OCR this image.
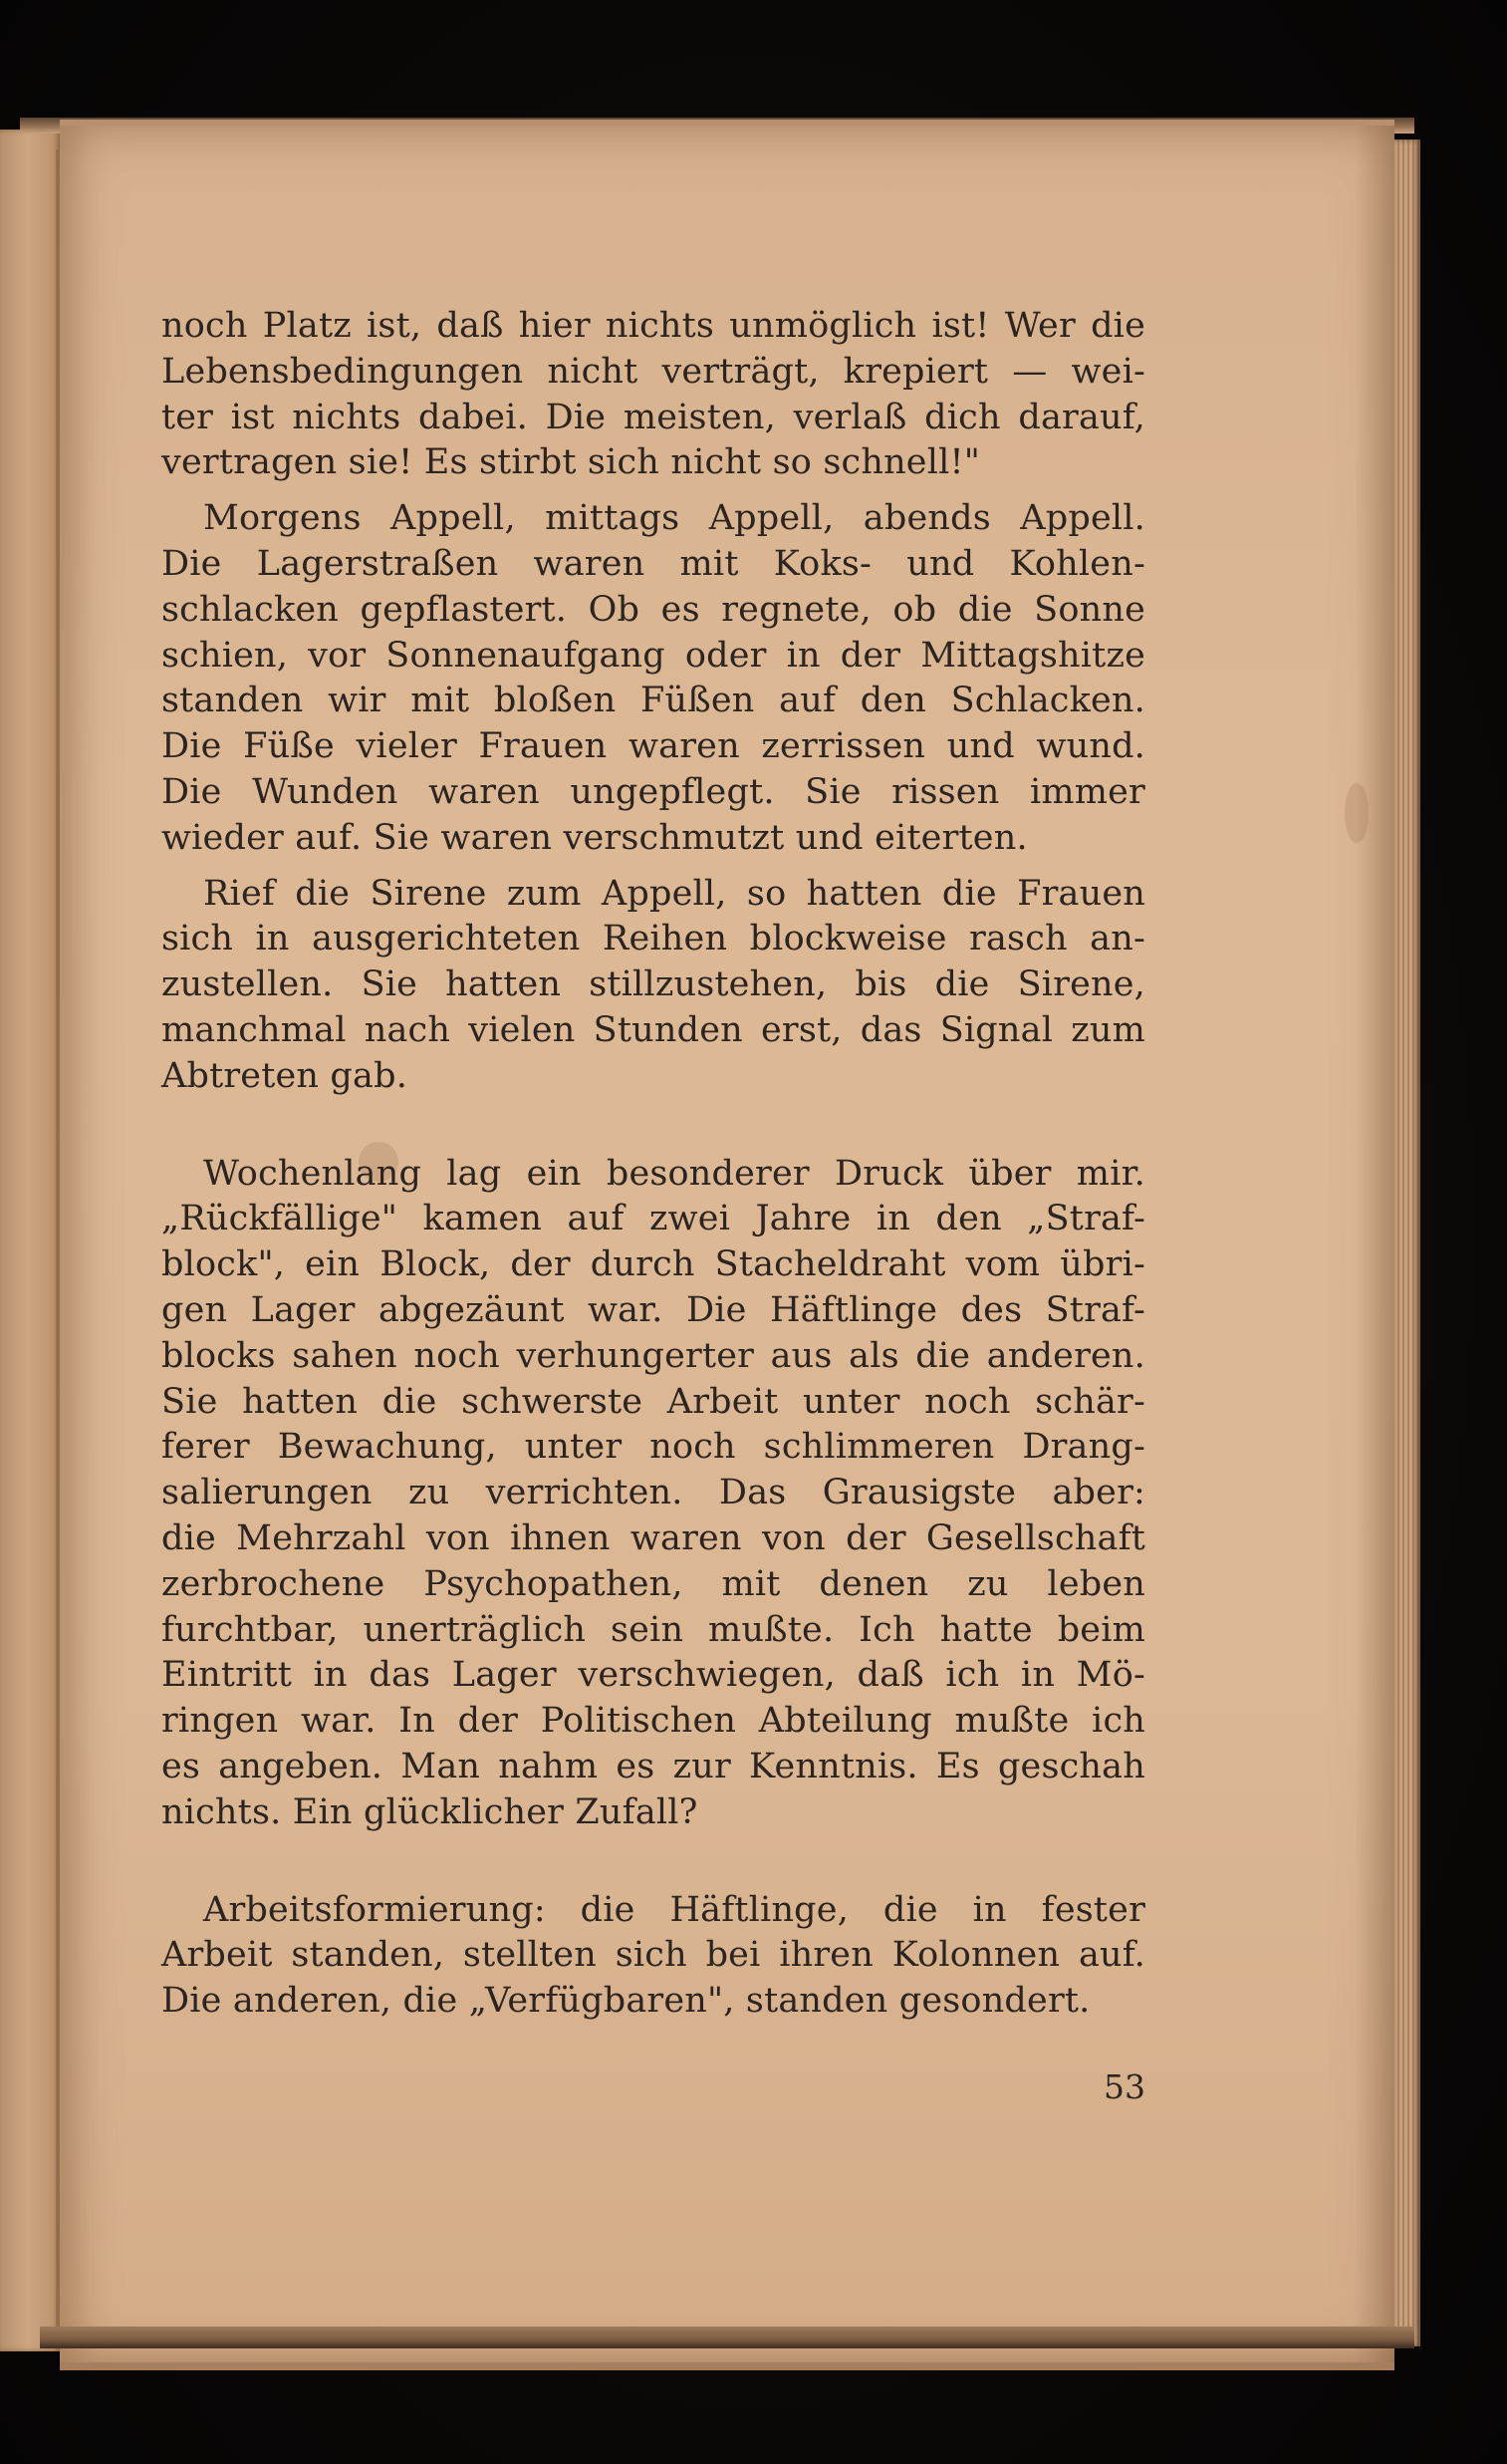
noch Platz ist, daß hier nichts unmöglich ist! Wer die
Lebensbedingungen nicht verträgt, krepiert — wei-
ter ist nichts dabei. Die meisten, verlaß dich darauf,
vertragen sie! Es stirbt sich nicht so schnell!"
Morgens Appell, mittags Appell, abends Appell.
Die Lagerstraßen waren mit Koks- und Kohlen-
schlacken gepflastert. Ob es regnete, ob die Sonne
schien, vor Sonnenaufgang oder in der Mittagshitze
standen wir mit bloßen Füßen auf den Schlacken.
Die Füße vieler Frauen waren zerrissen und wund.
Die Wunden waren ungepflegt. Sie rissen immer
wieder auf. Sie waren verschmutzt und eiterten.
Rief die Sirene zum Appell, so hatten die Frauen
sich in ausgerichteten Reihen blockweise rasch an-
zustellen. Sie hatten stillzustehen, bis die Sirene,
manchmal nach vielen Stunden erst, das Signal zum
Abtreten gab.
Wochenlang lag ein besonderer Druck über mir.
„Rückfällige" kamen auf zwei Jahre in den „Straf-
block", ein Block, der durch Stacheldraht vom übri-
gen Lager abgezäunt war. Die Häftlinge des Straf-
blocks sahen noch verhungerter aus als die anderen.
Sie hatten die schwerste Arbeit unter noch schär-
ferer Bewachung, unter noch schlimmeren Drang-
salierungen zu verrichten. Das Grausigste aber:
die Mehrzahl von ihnen waren von der Gesellschaft
zerbrochene Psychopathen, mit denen zu leben
furchtbar, unerträglich sein mußte. Ich hatte beim
Eintritt in das Lager verschwiegen, daß ich in Mö-
ringen war. In der Politischen Abteilung mußte ich
es angeben. Man nahm es zur Kenntnis. Es geschah
nichts. Ein glücklicher Zufall?
Arbeitsformierung: die Häftlinge, die in fester
Arbeit standen, stellten sich bei ihren Kolonnen auf.
Die anderen, die „Verfügbaren", standen gesondert.
53
